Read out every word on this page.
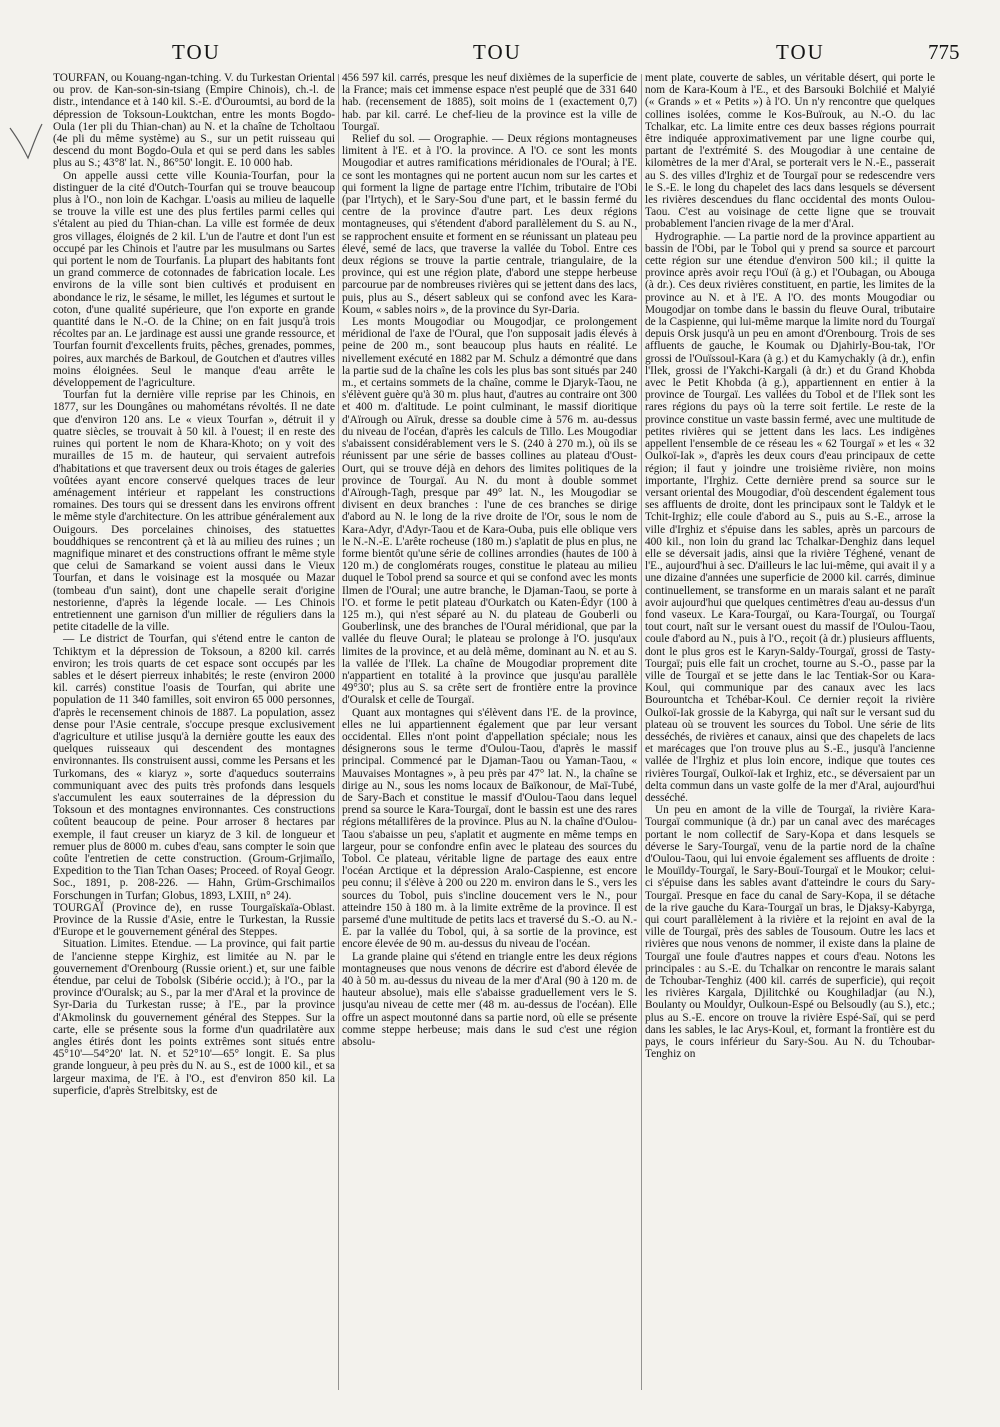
TOU	TOU	TOU	775

TOURFAN, ou Kouang-ngan-tching. V. du Turkestan Oriental ou prov. de Kan-son-sin-tsiang (Empire Chinois), ch.-l. de distr., intendance et à 140 kil. S.-E. d'Ouroumtsi, au bord de la dépression de Toksoun-Louktchan, entre les monts Bogdo-Oula (1er pli du Thian-chan) au N. et la chaîne de Tcholtaou (4e pli du même système) au S., sur un petit ruisseau qui descend du mont Bogdo-Oula et qui se perd dans les sables plus au S.; 43°8' lat. N., 86°50' longit. E. 10 000 hab.

On appelle aussi cette ville Kounia-Tourfan, pour la distinguer de la cité d'Outch-Tourfan qui se trouve beaucoup plus à l'O., non loin de Kachgar. L'oasis au milieu de laquelle se trouve la ville est une des plus fertiles parmi celles qui s'étalent au pied du Thian-chan. La ville est formée de deux gros villages, éloignés de 2 kil. L'un de l'autre et dont l'un est occupé par les Chinois et l'autre par les musulmans ou Sartes qui portent le nom de Tourfanis. La plupart des habitants font un grand commerce de cotonnades de fabrication locale. Les environs de la ville sont bien cultivés et produisent en abondance le riz, le sésame, le millet, les légumes et surtout le coton, d'une qualité supérieure, que l'on exporte en grande quantité dans le N.-O. de la Chine; on en fait jusqu'à trois récoltes par an. Le jardinage est aussi une grande ressource, et Tourfan fournit d'excellents fruits, pêches, grenades, pommes, poires, aux marchés de Barkoul, de Goutchen et d'autres villes moins éloignées. Seul le manque d'eau arrête le développement de l'agriculture.

Tourfan fut la dernière ville reprise par les Chinois, en 1877, sur les Doungânes ou mahométans révoltés. Il ne date que d'environ 120 ans. Le « vieux Tourfan », détruit il y quatre siècles, se trouvait à 50 kil. à l'ouest; il en reste des ruines qui portent le nom de Khara-Khoto; on y voit des murailles de 15 m. de hauteur, qui servaient autrefois d'habitations et que traversent deux ou trois étages de galeries voûtées ayant encore conservé quelques traces de leur aménagement intérieur et rappelant les constructions romaines. Des tours qui se dressent dans les environs offrent le même style d'architecture. On les attribue généralement aux Ouigours. Des porcelaines chinoises, des statuettes bouddhiques se rencontrent çà et là au milieu des ruines ; un magnifique minaret et des constructions offrant le même style que celui de Samarkand se voient aussi dans le Vieux Tourfan, et dans le voisinage est la mosquée ou Mazar (tombeau d'un saint), dont une chapelle serait d'origine nestorienne, d'après la légende locale. — Les Chinois entretiennent une garnison d'un millier de réguliers dans la petite citadelle de la ville.

— Le district de Tourfan, qui s'étend entre le canton de Tchiktym et la dépression de Toksoun, a 8200 kil. carrés environ; les trois quarts de cet espace sont occupés par les sables et le désert pierreux inhabités; le reste (environ 2000 kil. carrés) constitue l'oasis de Tourfan, qui abrite une population de 11 340 familles, soit environ 65 000 personnes, d'après le recensement chinois de 1887. La population, assez dense pour l'Asie centrale, s'occupe presque exclusivement d'agriculture et utilise jusqu'à la dernière goutte les eaux des quelques ruisseaux qui descendent des montagnes environnantes. Ils construisent aussi, comme les Persans et les Turkomans, des « kiaryz », sorte d'aqueducs souterrains communiquant avec des puits très profonds dans lesquels s'accumulent les eaux souterraines de la dépression du Toksoun et des montagnes environnantes. Ces constructions coûtent beaucoup de peine. Pour arroser 8 hectares par exemple, il faut creuser un kiaryz de 3 kil. de longueur et remuer plus de 8000 m. cubes d'eau, sans compter le soin que coûte l'entretien de cette construction. (Groum-Grjimaïlo, Expedition to the Tian Tchan Oases; Proceed. of Royal Geogr. Soc., 1891, p. 208-226. — Hahn, Grüm-Grschimailos Forschungen in Turfan; Globus, 1893, LXIII, n° 24).

TOURGAÏ (Province de), en russe Tourgaïskaïa-Oblast. Province de la Russie d'Asie, entre le Turkestan, la Russie d'Europe et le gouvernement général des Steppes.

Situation. Limites. Etendue. — La province, qui fait partie de l'ancienne steppe Kirghiz, est limitée au N. par le gouvernement d'Orenbourg (Russie orient.) et, sur une faible étendue, par celui de Tobolsk (Sibérie occid.); à l'O., par la province d'Ouralsk; au S., par la mer d'Aral et la province de Syr-Daria du Turkestan russe; à l'E., par la province d'Akmolinsk du gouvernement général des Steppes. Sur la carte, elle se présente sous la forme d'un quadrilatère aux angles étirés dont les points extrêmes sont situés entre 45°10'—54°20' lat. N. et 52°10'—65° longit. E. Sa plus grande longueur, à peu près du N. au S., est de 1000 kil., et sa largeur maxima, de l'E. à l'O., est d'environ 850 kil. La superficie, d'après Strelbitsky, est de

456 597 kil. carrés, presque les neuf dixièmes de la superficie de la France; mais cet immense espace n'est peuplé que de 331 640 hab. (recensement de 1885), soit moins de 1 (exactement 0,7) hab. par kil. carré. Le chef-lieu de la province est la ville de Tourgaï.

Relief du sol. — Orographie. — Deux régions montagneuses limitent à l'E. et à l'O. la province. A l'O. ce sont les monts Mougodiar et autres ramifications méridionales de l'Oural; à l'E. ce sont les montagnes qui ne portent aucun nom sur les cartes et qui forment la ligne de partage entre l'Ichim, tributaire de l'Obi (par l'Irtych), et le Sary-Sou d'une part, et le bassin fermé du centre de la province d'autre part. Les deux régions montagneuses, qui s'étendent d'abord parallèlement du S. au N., se rapprochent ensuite et forment en se réunissant un plateau peu élevé, semé de lacs, que traverse la vallée du Tobol. Entre ces deux régions se trouve la partie centrale, triangulaire, de la province, qui est une région plate, d'abord une steppe herbeuse parcourue par de nombreuses rivières qui se jettent dans des lacs, puis, plus au S., désert sableux qui se confond avec les Kara-Koum, « sables noirs », de la province du Syr-Daria.

Les monts Mougodiar ou Mougodjar, ce prolongement méridional de l'axe de l'Oural, que l'on supposait jadis élevés à peine de 200 m., sont beaucoup plus hauts en réalité. Le nivellement exécuté en 1882 par M. Schulz a démontré que dans la partie sud de la chaîne les cols les plus bas sont situés par 240 m., et certains sommets de la chaîne, comme le Djaryk-Taou, ne s'élèvent guère qu'à 30 m. plus haut, d'autres au contraire ont 300 et 400 m. d'altitude. Le point culminant, le massif dioritique d'Aïrough ou Aïruk, dresse sa double cime à 576 m. au-dessus du niveau de l'océan, d'après les calculs de Tillo. Les Mougodiar s'abaissent considérablement vers le S. (240 à 270 m.), où ils se réunissent par une série de basses collines au plateau d'Oust-Ourt, qui se trouve déjà en dehors des limites politiques de la province de Tourgaï. Au N. du mont à double sommet d'Aïrough-Tagh, presque par 49° lat. N., les Mougodiar se divisent en deux branches : l'une de ces branches se dirige d'abord au N. le long de la rive droite de l'Or, sous le nom de Kara-Adyr, d'Adyr-Taou et de Kara-Ouba, puis elle oblique vers le N.-N.-E. L'arête rocheuse (180 m.) s'aplatit de plus en plus, ne forme bientôt qu'une série de collines arrondies (hautes de 100 à 120 m.) de conglomérats rouges, constitue le plateau au milieu duquel le Tobol prend sa source et qui se confond avec les monts Ilmen de l'Oural; une autre branche, le Djaman-Taou, se porte à l'O. et forme le petit plateau d'Ourkatch ou Katen-Édyr (100 à 125 m.), qui n'est séparé au N. du plateau de Gouberli ou Gouberlinsk, une des branches de l'Oural méridional, que par la vallée du fleuve Oural; le plateau se prolonge à l'O. jusqu'aux limites de la province, et au delà même, dominant au N. et au S. la vallée de l'Ilek. La chaîne de Mougodiar proprement dite n'appartient en totalité à la province que jusqu'au parallèle 49°30'; plus au S. sa crête sert de frontière entre la province d'Ouralsk et celle de Tourgaï.

Quant aux montagnes qui s'élèvent dans l'E. de la province, elles ne lui appartiennent également que par leur versant occidental. Elles n'ont point d'appellation spéciale; nous les désignerons sous le terme d'Oulou-Taou, d'après le massif principal. Commencé par le Djaman-Taou ou Yaman-Taou, « Mauvaises Montagnes », à peu près par 47° lat. N., la chaîne se dirige au N., sous les noms locaux de Baïkonour, de Maï-Tubé, de Sary-Bach et constitue le massif d'Oulou-Taou dans lequel prend sa source le Kara-Tourgaï, dont le bassin est une des rares régions métallifères de la province. Plus au N. la chaîne d'Oulou-Taou s'abaisse un peu, s'aplatit et augmente en même temps en largeur, pour se confondre enfin avec le plateau des sources du Tobol. Ce plateau, véritable ligne de partage des eaux entre l'océan Arctique et la dépression Aralo-Caspienne, est encore peu connu; il s'élève à 200 ou 220 m. environ dans le S., vers les sources du Tobol, puis s'incline doucement vers le N., pour atteindre 150 à 180 m. à la limite extrême de la province. Il est parsemé d'une multitude de petits lacs et traversé du S.-O. au N.-E. par la vallée du Tobol, qui, à sa sortie de la province, est encore élevée de 90 m. au-dessus du niveau de l'océan.

La grande plaine qui s'étend en triangle entre les deux régions montagneuses que nous venons de décrire est d'abord élevée de 40 à 50 m. au-dessus du niveau de la mer d'Aral (90 à 120 m. de hauteur absolue), mais elle s'abaisse graduellement vers le S. jusqu'au niveau de cette mer (48 m. au-dessus de l'océan). Elle offre un aspect moutonné dans sa partie nord, où elle se présente comme steppe herbeuse; mais dans le sud c'est une région absolu-

ment plate, couverte de sables, un véritable désert, qui porte le nom de Kara-Koum à l'E., et des Barsouki Bolchiié et Malyié (« Grands » et « Petits ») à l'O. Un n'y rencontre que quelques collines isolées, comme le Kos-Buïrouk, au N.-O. du lac Tchalkar, etc. La limite entre ces deux basses régions pourrait être indiquée approximativement par une ligne courbe qui, partant de l'extrémité S. des Mougodiar à une centaine de kilomètres de la mer d'Aral, se porterait vers le N.-E., passerait au S. des villes d'Irghiz et de Tourgaï pour se redescendre vers le S.-E. le long du chapelet des lacs dans lesquels se déversent les rivières descendues du flanc occidental des monts Oulou-Taou. C'est au voisinage de cette ligne que se trouvait probablement l'ancien rivage de la mer d'Aral.

Hydrographie. — La partie nord de la province appartient au bassin de l'Obi, par le Tobol qui y prend sa source et parcourt cette région sur une étendue d'environ 500 kil.; il quitte la province après avoir reçu l'Ouï (à g.) et l'Oubagan, ou Abouga (à dr.). Ces deux rivières constituent, en partie, les limites de la province au N. et à l'E. A l'O. des monts Mougodiar ou Mougodjar on tombe dans le bassin du fleuve Oural, tributaire de la Caspienne, qui lui-même marque la limite nord du Tourgaï depuis Orsk jusqu'à un peu en amont d'Orenbourg. Trois de ses affluents de gauche, le Koumak ou Djahirly-Bou-tak, l'Or grossi de l'Ouïssoul-Kara (à g.) et du Kamychakly (à dr.), enfin l'Ilek, grossi de l'Yakchi-Kargali (à dr.) et du Grand Khobda avec le Petit Khobda (à g.), appartiennent en entier à la province de Tourgaï. Les vallées du Tobol et de l'Ilek sont les rares régions du pays où la terre soit fertile. Le reste de la province constitue un vaste bassin fermé, avec une multitude de petites rivières qui se jettent dans les lacs. Les indigènes appellent l'ensemble de ce réseau les « 62 Tourgaï » et les « 32 Oulkoï-Iak », d'après les deux cours d'eau principaux de cette région; il faut y joindre une troisième rivière, non moins importante, l'Irghiz. Cette dernière prend sa source sur le versant oriental des Mougodiar, d'où descendent également tous ses affluents de droite, dont les principaux sont le Taldyk et le Tchit-Irghiz; elle coule d'abord au S., puis au S.-E., arrose la ville d'Irghiz et s'épuise dans les sables, après un parcours de 400 kil., non loin du grand lac Tchalkar-Denghiz dans lequel elle se déversait jadis, ainsi que la rivière Téghené, venant de l'E., aujourd'hui à sec. D'ailleurs le lac lui-même, qui avait il y a une dizaine d'années une superficie de 2000 kil. carrés, diminue continuellement, se transforme en un marais salant et ne paraît avoir aujourd'hui que quelques centimètres d'eau au-dessus d'un fond vaseux. Le Kara-Tourgaï, ou Kara-Tourgaï, ou Tourgaï tout court, naît sur le versant ouest du massif de l'Oulou-Taou, coule d'abord au N., puis à l'O., reçoit (à dr.) plusieurs affluents, dont le plus gros est le Karyn-Saldy-Tourgaï, grossi de Tasty-Tourgaï; puis elle fait un crochet, tourne au S.-O., passe par la ville de Tourgaï et se jette dans le lac Tentiak-Sor ou Kara-Koul, qui communique par des canaux avec les lacs Bourountcha et Tchébar-Koul. Ce dernier reçoit la rivière Oulkoï-Iak grossie de la Kabyrga, qui naît sur le versant sud du plateau où se trouvent les sources du Tobol. Une série de lits desséchés, de rivières et canaux, ainsi que des chapelets de lacs et marécages que l'on trouve plus au S.-E., jusqu'à l'ancienne vallée de l'Irghiz et plus loin encore, indique que toutes ces rivières Tourgaï, Oulkoï-Iak et Irghiz, etc., se déversaient par un delta commun dans un vaste golfe de la mer d'Aral, aujourd'hui desséché.

Un peu en amont de la ville de Tourgaï, la rivière Kara-Tourgaï communique (à dr.) par un canal avec des marécages portant le nom collectif de Sary-Kopa et dans lesquels se déverse le Sary-Tourgaï, venu de la partie nord de la chaîne d'Oulou-Taou, qui lui envoie également ses affluents de droite : le Mouïldy-Tourgaï, le Sary-Bouï-Tourgaï et le Moukor; celui-ci s'épuise dans les sables avant d'atteindre le cours du Sary-Tourgaï. Presque en face du canal de Sary-Kopa, il se détache de la rive gauche du Kara-Tourgaï un bras, le Djaksy-Kabyrga, qui court parallèlement à la rivière et la rejoint en aval de la ville de Tourgaï, près des sables de Tousoum. Outre les lacs et rivières que nous venons de nommer, il existe dans la plaine de Tourgaï une foule d'autres nappes et cours d'eau. Notons les principales : au S.-E. du Tchalkar on rencontre le marais salant de Tchoubar-Tenghiz (400 kil. carrés de superficie), qui reçoit les rivières Kargala, Djilitchké ou Koughiladjar (au N.), Boulanty ou Mouldyr, Oulkoun-Espé ou Belsoudly (au S.), etc.; plus au S.-E. encore on trouve la rivière Espé-Saï, qui se perd dans les sables, le lac Arys-Koul, et, formant la frontière est du pays, le cours inférieur du Sary-Sou. Au N. du Tchoubar-Tenghiz on
